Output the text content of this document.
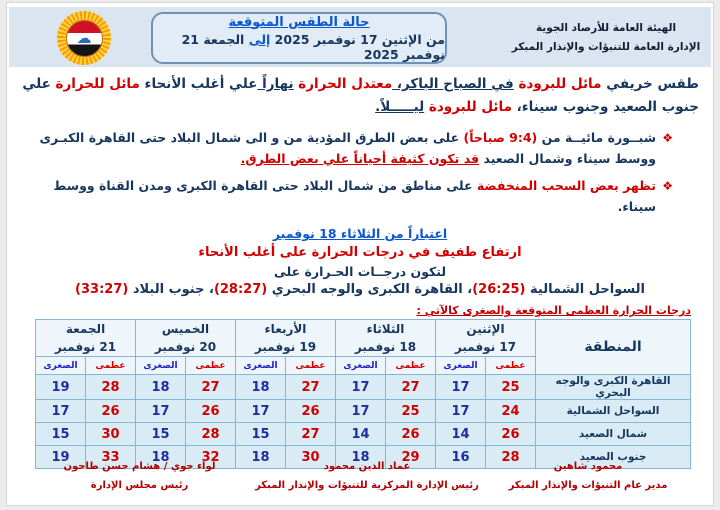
☁
حالة الطقس المتوقعة
من الإثنين 17 نوفمبر 2025 إلى الجمعة 21 نوفمبر 2025
الهيئة العامة للأرصاد الجوية
الإدارة العامة للتنبؤات والإنذار المبكر
طقس خريفي مائل للبرودة في الصباح الباكر، معتدل الحرارة نهاراً علي أغلب الأنحاء مائل للحرارة علي جنوب الصعيد وجنوب سيناء، مائل للبرودة ليـــــلاً.
❖
شبــورة مائيــة من (9:4 صباحاً) على بعض الطرق المؤدية من و الى شمال البلاد حتى القاهرة الكبـرى ووسط سيناء وشمال الصعيد قد تكون كثيفة أحياناً علي بعض الطرق.
❖
تظهر بعض السحب المنخفضة على مناطق من شمال البلاد حتى القاهرة الكبرى ومدن القناة ووسط سيناء.
اعتباراً من الثلاثاء 18 نوفمبر
ارتفاع طفيف في درجات الحرارة على أغلب الأنحاء
لتكون درجــات الحـرارة على
السواحل الشمالية (26:25)، القاهرة الكبرى والوجه البحري (28:27)، جنوب البلاد (33:27)
درجات الحرارة العظمى المتوقعة والصغرى كالآتي :
المنطقة	
الإثنين
17 نوفمبر

الثلاثاء
18 نوفمبر

الأربعاء
19 نوفمبر

الخميس
20 نوفمبر

الجمعة
21 نوفمبر

	عظمى	الصغرى	عظمى	الصغرى	عظمى	الصغرى	عظمى	الصغرى	عظمى	الصغرى
القاهرة الكبرى والوجه البحري	25	17	27	17	27	18	27	18	28	19
السواحل الشمالية	24	17	25	17	26	17	26	17	26	17
شمال الصعيد	26	14	26	14	27	15	28	15	30	15
جنوب الصعيد	28	16	29	18	30	18	32	18	33	19
محمود شاهين
مدير عام التنبؤات والإنذار المبكر
عماد الدين محمود
رئيس الإدارة المركزية للتنبؤات والإنذار المبكر
لواء جوي / هشام حسن طاحون
رئيس مجلس الإدارة
